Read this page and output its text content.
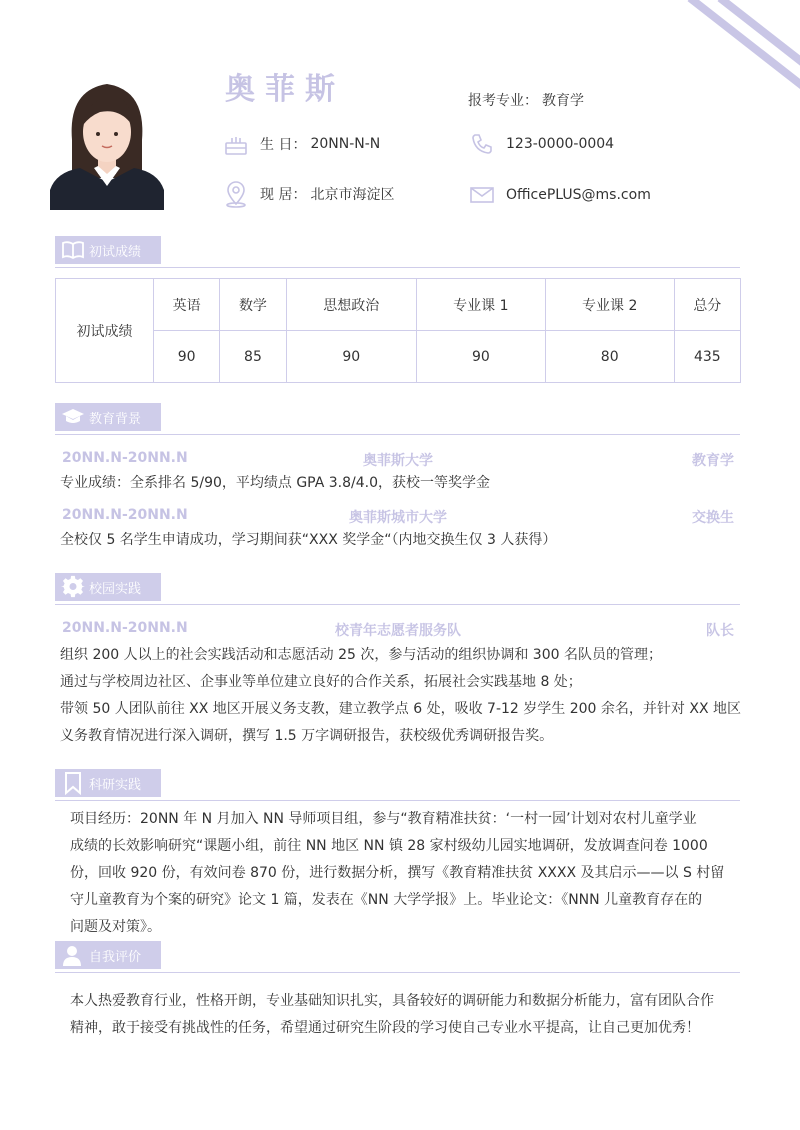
奥菲斯	报考专业： 教育学
生 日： 20NN-N-N	123-0000-0004
现 居： 北京市海淀区	OfficePLUS@ms.com
初试成绩
初试成绩	英语	数学	思想政治	专业课 1	专业课 2	总分
	90	85	90	90	80	435
教育背景
20NN.N-20NN.N	奥菲斯大学	教育学
专业成绩：全系排名 5/90，平均绩点 GPA 3.8/4.0，获校一等奖学金
20NN.N-20NN.N	奥菲斯城市大学	交换生
全校仅 5 名学生申请成功，学习期间获“XXX 奖学金“（内地交换生仅 3 人获得）
校园实践
20NN.N-20NN.N	校青年志愿者服务队	队长
组织 200 人以上的社会实践活动和志愿活动 25 次，参与活动的组织协调和 300 名队员的管理；
通过与学校周边社区、企事业等单位建立良好的合作关系，拓展社会实践基地 8 处；
带领 50 人团队前往 XX 地区开展义务支教，建立教学点 6 处，吸收 7-12 岁学生 200 余名，并针对 XX 地区
义务教育情况进行深入调研，撰写 1.5 万字调研报告，获校级优秀调研报告奖。
科研实践
项目经历：20NN 年 N 月加入 NN 导师项目组，参与“教育精准扶贫：‘一村一园’计划对农村儿童学业
成绩的长效影响研究“课题小组，前往 NN 地区 NN 镇 28 家村级幼儿园实地调研，发放调查问卷 1000
份，回收 920 份，有效问卷 870 份，进行数据分析，撰写《教育精准扶贫 XXXX 及其启示——以 S 村留
守儿童教育为个案的研究》论文 1 篇，发表在《NN 大学学报》上。毕业论文：《NNN 儿童教育存在的
问题及对策》。
自我评价
本人热爱教育行业，性格开朗，专业基础知识扎实，具备较好的调研能力和数据分析能力，富有团队合作
精神，敢于接受有挑战性的任务，希望通过研究生阶段的学习使自己专业水平提高，让自己更加优秀！
